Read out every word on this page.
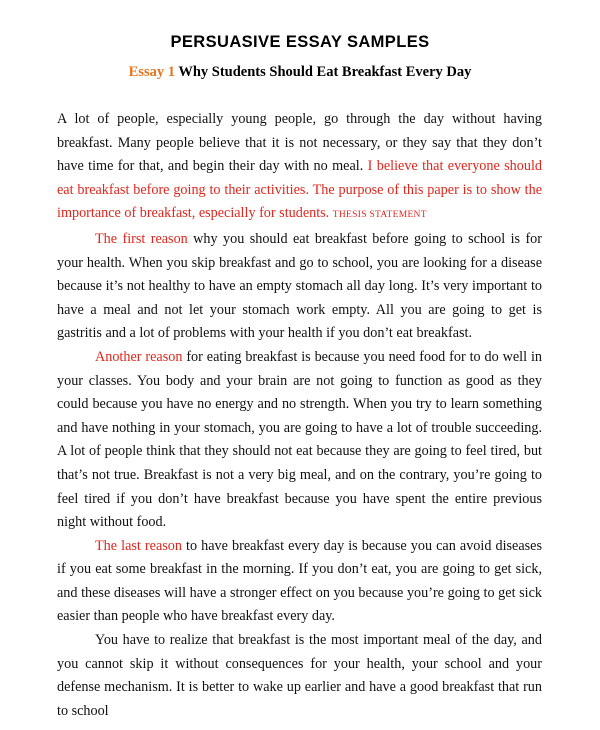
PERSUASIVE ESSAY SAMPLES
Essay 1 Why Students Should Eat Breakfast Every Day

A lot of people, especially young people, go through the day without having breakfast. Many people believe that it is not necessary, or they say that they don’t have time for that, and begin their day with no meal. I believe that everyone should eat breakfast before going to their activities. The purpose of this paper is to show the importance of breakfast, especially for students. THESIS STATEMENT

The first reason why you should eat breakfast before going to school is for your health. When you skip breakfast and go to school, you are looking for a disease because it’s not healthy to have an empty stomach all day long. It’s very important to have a meal and not let your stomach work empty. All you are going to get is gastritis and a lot of problems with your health if you don’t eat breakfast.

Another reason for eating breakfast is because you need food for to do well in your classes. You body and your brain are not going to function as good as they could because you have no energy and no strength. When you try to learn something and have nothing in your stomach, you are going to have a lot of trouble succeeding. A lot of people think that they should not eat because they are going to feel tired, but that’s not true. Breakfast is not a very big meal, and on the contrary, you’re going to feel tired if you don’t have breakfast because you have spent the entire previous night without food.

The last reason to have breakfast every day is because you can avoid diseases if you eat some breakfast in the morning. If you don’t eat, you are going to get sick, and these diseases will have a stronger effect on you because you’re going to get sick easier than people who have breakfast every day.

You have to realize that breakfast is the most important meal of the day, and you cannot skip it without consequences for your health, your school and your defense mechanism. It is better to wake up earlier and have a good breakfast that run to school
